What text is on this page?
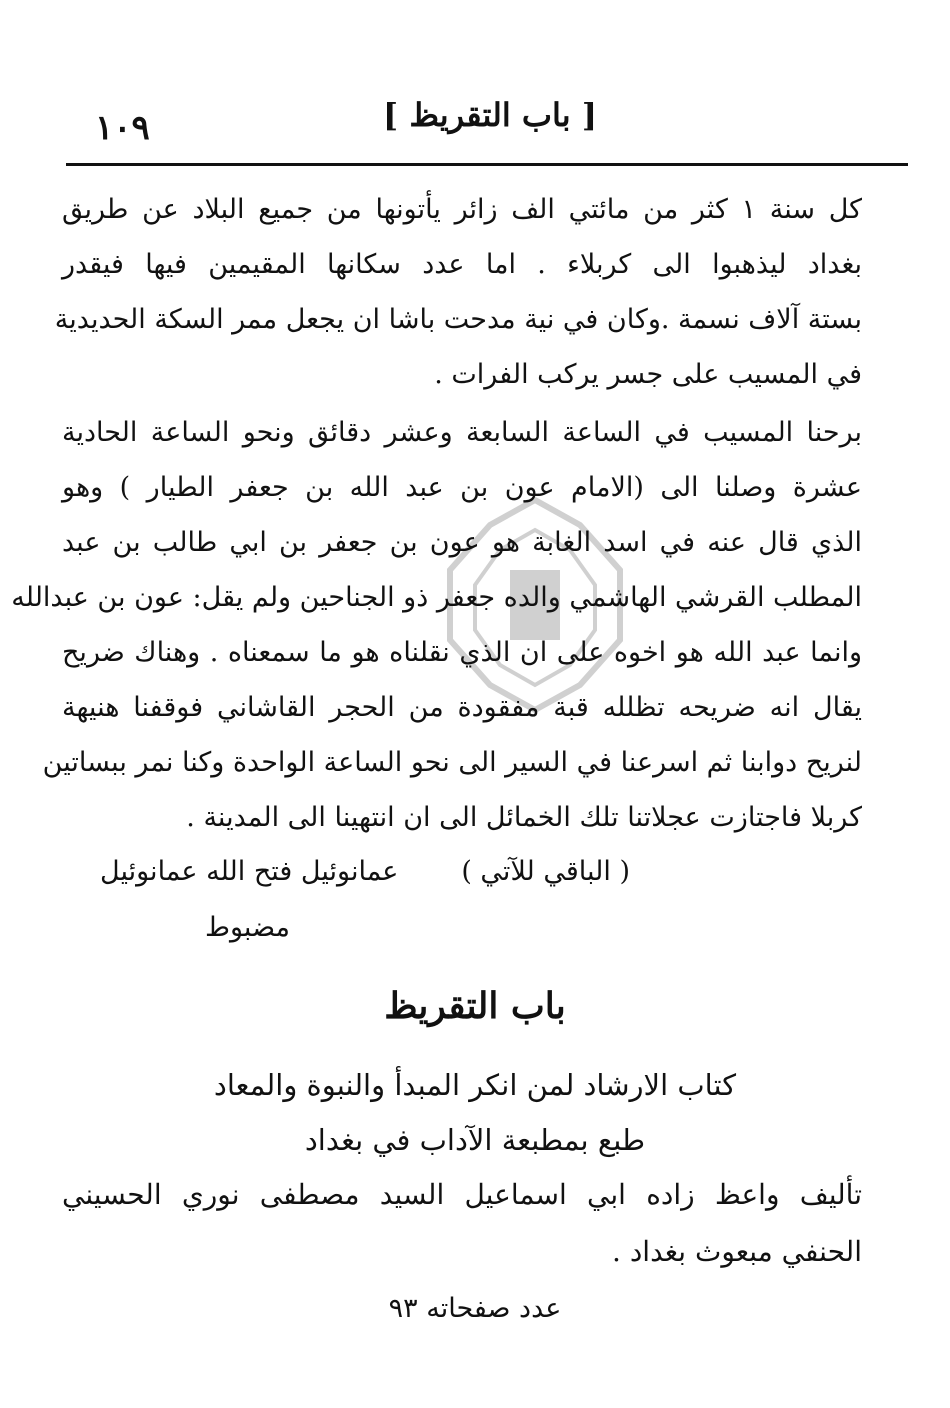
[ باب التقريظ ]
١٠٩
كل سنة ١ كثر من مائتي الف زائر يأتونها من جميع البلاد عن طريق
بغداد ليذهبوا الى كربلاء . اما عدد سكانها المقيمين فيها فيقدر
بستة آلاف نسمة .وكان في نية مدحت باشا ان يجعل ممر السكة الحديدية
في المسيب على جسر يركب الفرات .
برحنا المسيب في الساعة السابعة وعشر دقائق ونحو الساعة الحادية
عشرة وصلنا الى (الامام عون بن عبد الله بن جعفر الطيار ) وهو
الذي قال عنه في اسد الغابة هو عون بن جعفر بن ابي طالب بن عبد
المطلب القرشي الهاشمي والده جعفر ذو الجناحين ولم يقل: عون بن عبدالله
وانما عبد الله هو اخوه على ان الذي نقلناه هو ما سمعناه . وهناك ضريح
يقال انه ضريحه تظلله قبة مفقودة من الحجر القاشاني فوقفنا هنيهة
لنريح دوابنا ثم اسرعنا في السير الى نحو الساعة الواحدة وكنا نمر ببساتين
كربلا فاجتازت عجلاتنا تلك الخمائل الى ان انتهينا الى المدينة .
( الباقي للآتي )
عمانوئيل فتح الله عمانوئيل
مضبوط
باب التقريظ
كتاب الارشاد لمن انكر المبدأ والنبوة والمعاد
طبع بمطبعة الآداب في بغداد
تأليف واعظ زاده ابي اسماعيل السيد مصطفى نوري الحسيني
الحنفي مبعوث بغداد .
عدد صفحاته ٩٣
